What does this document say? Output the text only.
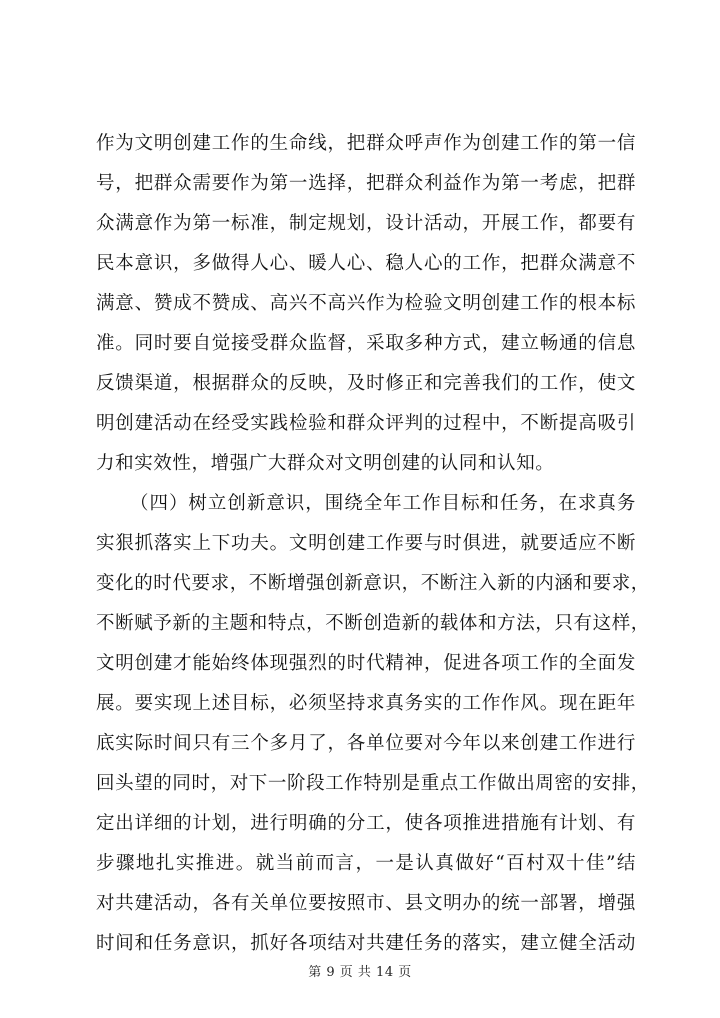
作为文明创建工作的生命线，把群众呼声作为创建工作的第一信
号，把群众需要作为第一选择，把群众利益作为第一考虑，把群
众满意作为第一标准，制定规划，设计活动，开展工作，都要有
民本意识，多做得人心、暖人心、稳人心的工作，把群众满意不
满意、赞成不赞成、高兴不高兴作为检验文明创建工作的根本标
准。同时要自觉接受群众监督，采取多种方式，建立畅通的信息
反馈渠道，根据群众的反映，及时修正和完善我们的工作，使文
明创建活动在经受实践检验和群众评判的过程中，不断提高吸引
力和实效性，增强广大群众对文明创建的认同和认知。
（四）树立创新意识，围绕全年工作目标和任务，在求真务
实狠抓落实上下功夫。文明创建工作要与时俱进，就要适应不断
变化的时代要求，不断增强创新意识，不断注入新的内涵和要求，
不断赋予新的主题和特点，不断创造新的载体和方法，只有这样，
文明创建才能始终体现强烈的时代精神，促进各项工作的全面发
展。要实现上述目标，必须坚持求真务实的工作作风。现在距年
底实际时间只有三个多月了，各单位要对今年以来创建工作进行
回头望的同时，对下一阶段工作特别是重点工作做出周密的安排，
定出详细的计划，进行明确的分工，使各项推进措施有计划、有
步骤地扎实推进。就当前而言，一是认真做好“百村双十佳”结
对共建活动，各有关单位要按照市、县文明办的统一部署，增强
时间和任务意识，抓好各项结对共建任务的落实，建立健全活动
第 9 页 共 14 页
